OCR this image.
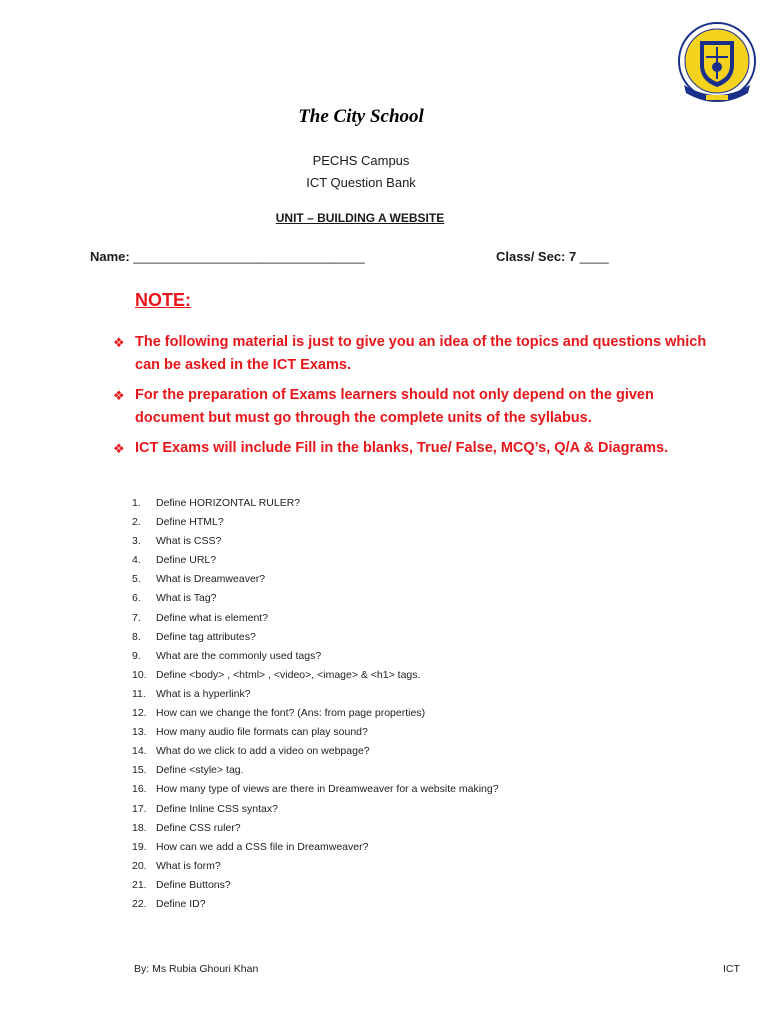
The City School
PECHS Campus
ICT Question Bank
UNIT – BUILDING A WEBSITE
Name: ________________________________	Class/ Sec: 7 ____
NOTE:
❖ The following material is just to give you an idea of the topics and questions which can be asked in the ICT Exams.
❖ For the preparation of Exams learners should not only depend on the given document but must go through the complete units of the syllabus.
❖ ICT Exams will include Fill in the blanks, True/ False, MCQ’s, Q/A & Diagrams.
1. Define HORIZONTAL RULER?
2. Define HTML?
3. What is CSS?
4. Define URL?
5. What is Dreamweaver?
6. What is Tag?
7. Define what is element?
8. Define tag attributes?
9. What are the commonly used tags?
10. Define <body> , <html> , <video>, <image> & <h1> tags.
11. What is a hyperlink?
12. How can we change the font? (Ans: from page properties)
13. How many audio file formats can play sound?
14. What do we click to add a video on webpage?
15. Define <style> tag.
16. How many type of views are there in Dreamweaver for a website making?
17. Define Inline CSS syntax?
18. Define CSS ruler?
19. How can we add a CSS file in Dreamweaver?
20. What is form?
21. Define Buttons?
22. Define ID?
By: Ms Rubia Ghouri Khan	ICT
